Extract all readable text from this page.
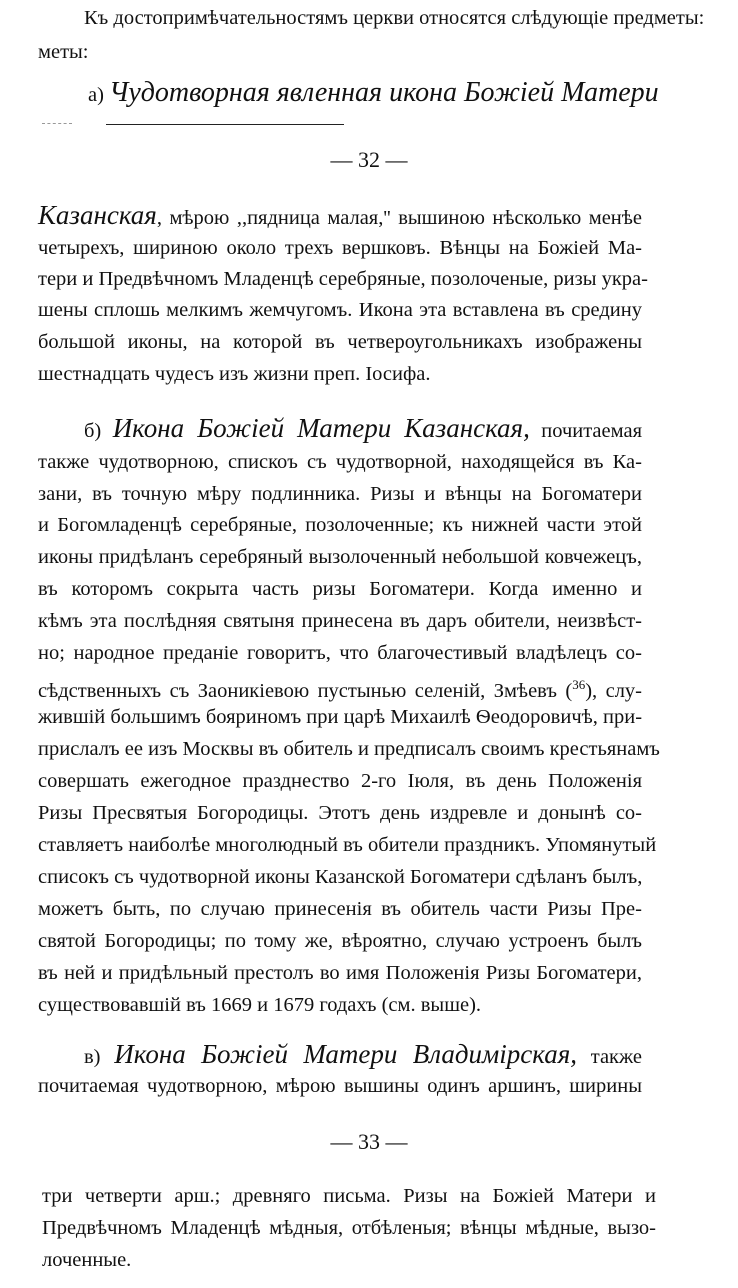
Къ достопримѣчательностямъ церкви относятся слѣдующіе предметы:
меты:
а) Чудотворная явленная икона Божіей Матери
— 32 —
Казанская, мѣрою ,,пядница малая,'' вышиною нѣсколько менѣе
четырехъ, шириною около трехъ вершковъ. Вѣнцы на Божіей Ма-
тери и Предвѣчномъ Младенцѣ серебряные, позолоченые, ризы укра-
шены сплошь мелкимъ жемчугомъ. Икона эта вставлена въ средину
большой иконы, на которой въ четвероугольникахъ изображены
шестнадцать чудесъ изъ жизни преп. Іосифа.
б) Икона Божіей Матери Казанская, почитаемая
также чудотворною, спискоъ съ чудотворной, находящейся въ Ка-
зани, въ точную мѣру подлинника. Ризы и вѣнцы на Богоматери
и Богомладенцѣ серебряные, позолоченные; къ нижней части этой
иконы придѣланъ серебряный вызолоченный небольшой ковчежецъ,
въ которомъ сокрыта часть ризы Богоматери. Когда именно и
кѣмъ эта послѣдняя святыня принесена въ даръ обители, неизвѣст-
но; народное преданіе говоритъ, что благочестивый владѣлецъ со-
сѣдственныхъ съ Заоникіевою пустынью селеній, Змѣевъ ($^{36}$), слу-
жившій большимъ бояриномъ при царѣ Михаилѣ Ѳеодоровичѣ, при-
прислалъ ее изъ Москвы въ обитель и предписалъ своимъ крестьянамъ
совершать ежегодное празднество 2-го Іюля, въ день Положенія
Ризы Пресвятыя Богородицы. Этотъ день издревле и донынѣ со-
ставляетъ наиболѣе многолюдный въ обители праздникъ. Упомянутый
списокъ съ чудотворной иконы Казанской Богоматери сдѣланъ былъ,
можетъ быть, по случаю принесенія въ обитель части Ризы Пре-
святой Богородицы; по тому же, вѣроятно, случаю устроенъ былъ
въ ней и придѣльный престолъ во имя Положенія Ризы Богоматери,
существовавшій въ 1669 и 1679 годахъ (см. выше).
в) Икона Божіей Матери Владимірская, также
почитаемая чудотворною, мѣрою вышины одинъ аршинъ, ширины
— 33 —
три четверти арш.; древняго письма. Ризы на Божіей Матери и
Предвѣчномъ Младенцѣ мѣдныя, отбѣленыя; вѣнцы мѣдные, вызо-
лоченные.
